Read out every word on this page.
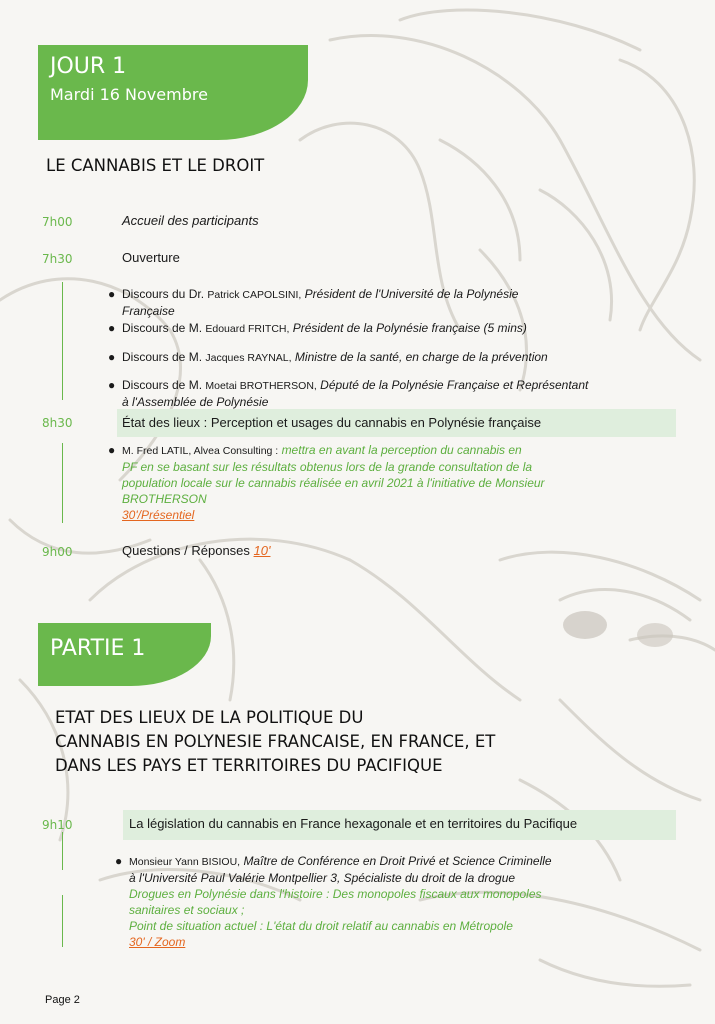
JOUR 1
Mardi 16 Novembre
LE CANNABIS ET LE DROIT
7h00	Accueil des participants
7h30	Ouverture
● Discours du Dr. Patrick CAPOLSINI, Président de l'Université de la Polynésie
Française
● Discours de M. Edouard FRITCH, Président de la Polynésie française (5 mins)
● Discours de M. Jacques RAYNAL, Ministre de la santé, en charge de la prévention
● Discours de M. Moetai BROTHERSON, Député de la Polynésie Française et Représentant
à l'Assemblée de Polynésie
8h30	État des lieux : Perception et usages du cannabis en Polynésie française
● M. Fred LATIL, Alvea Consulting : mettra en avant la perception du cannabis en
PF en se basant sur les résultats obtenus lors de la grande consultation de la
population locale sur le cannabis réalisée en avril 2021 à l'initiative de Monsieur
BROTHERSON
30'/Présentiel
9h00	Questions / Réponses 10'
PARTIE 1
ETAT DES LIEUX DE LA POLITIQUE DU
CANNABIS EN POLYNESIE FRANCAISE, EN FRANCE, ET
DANS LES PAYS ET TERRITOIRES DU PACIFIQUE
9h10	La législation du cannabis en France hexagonale et en territoires du Pacifique
● Monsieur Yann BISIOU, Maître de Conférence en Droit Privé et Science Criminelle
à l'Université Paul Valérie Montpellier 3, Spécialiste du droit de la drogue
Drogues en Polynésie dans l'histoire : Des monopoles fiscaux aux monopoles
sanitaires et sociaux ;
Point de situation actuel : L'état du droit relatif au cannabis en Métropole
30' / Zoom
Page 2
